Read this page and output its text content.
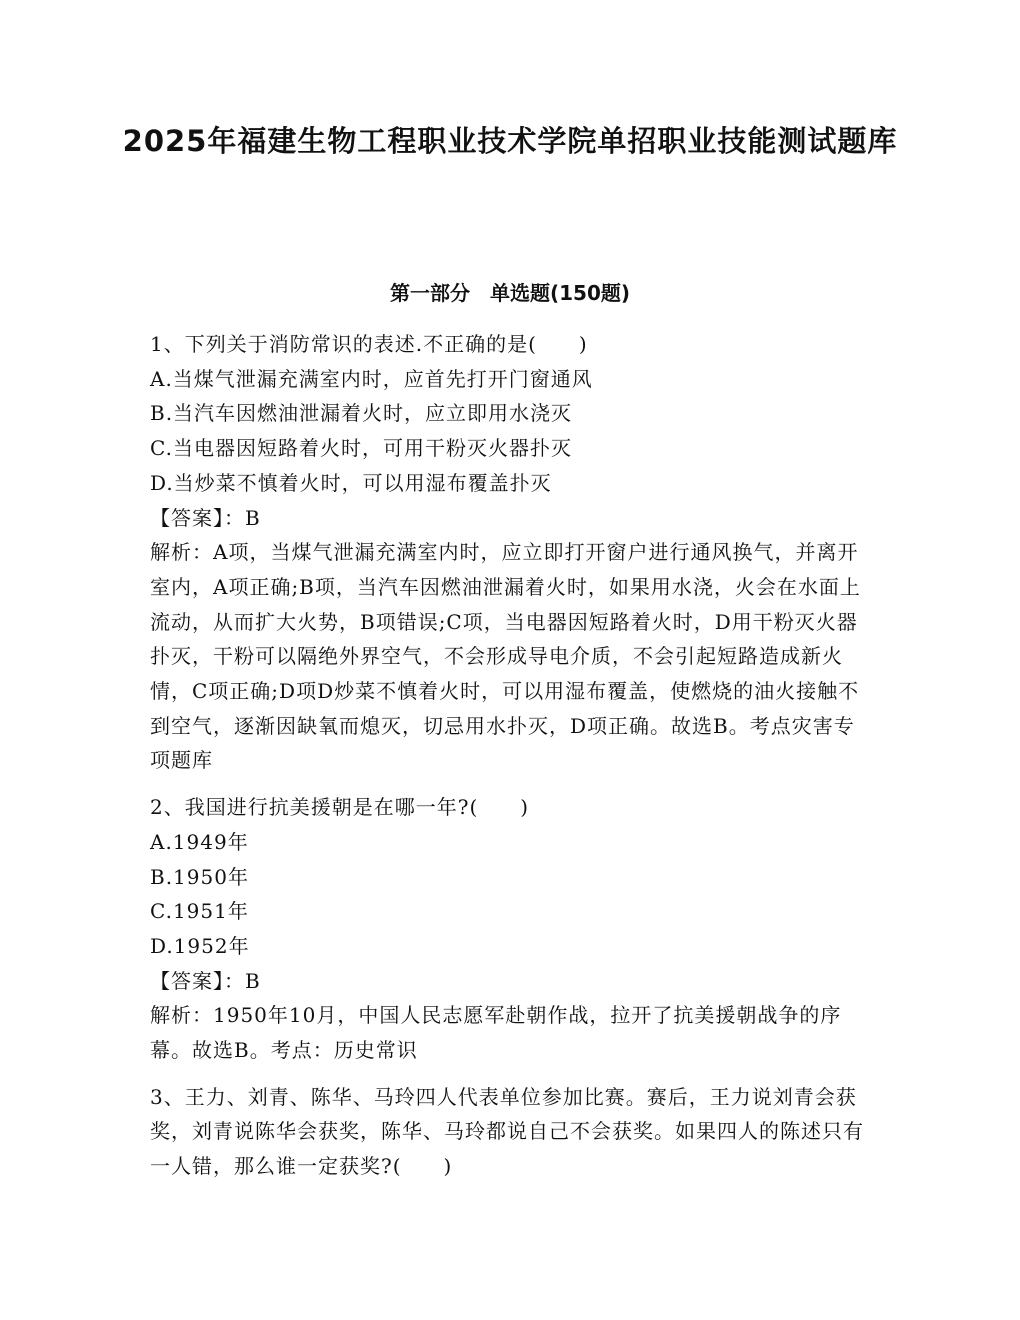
2025年福建生物工程职业技术学院单招职业技能测试题库
第一部分　单选题(150题)
1、下列关于消防常识的表述.不正确的是(　　)
A.当煤气泄漏充满室内时，应首先打开门窗通风
B.当汽车因燃油泄漏着火时，应立即用水浇灭
C.当电器因短路着火时，可用干粉灭火器扑灭
D.当炒菜不慎着火时，可以用湿布覆盖扑灭
【答案】：B
解析：A项，当煤气泄漏充满室内时，应立即打开窗户进行通风换气，并离开室内，A项正确;B项，当汽车因燃油泄漏着火时，如果用水浇，火会在水面上流动，从而扩大火势，B项错误;C项，当电器因短路着火时，D用干粉灭火器扑灭，干粉可以隔绝外界空气，不会形成导电介质，不会引起短路造成新火情，C项正确;D项D炒菜不慎着火时，可以用湿布覆盖，使燃烧的油火接触不到空气，逐渐因缺氧而熄灭，切忌用水扑灭，D项正确。故选B。考点灾害专项题库
2、我国进行抗美援朝是在哪一年?(　　)
A.1949年
B.1950年
C.1951年
D.1952年
【答案】：B
解析：1950年10月，中国人民志愿军赴朝作战，拉开了抗美援朝战争的序幕。故选B。考点：历史常识
3、王力、刘青、陈华、马玲四人代表单位参加比赛。赛后，王力说刘青会获奖，刘青说陈华会获奖，陈华、马玲都说自己不会获奖。如果四人的陈述只有一人错，那么谁一定获奖?(　　)
